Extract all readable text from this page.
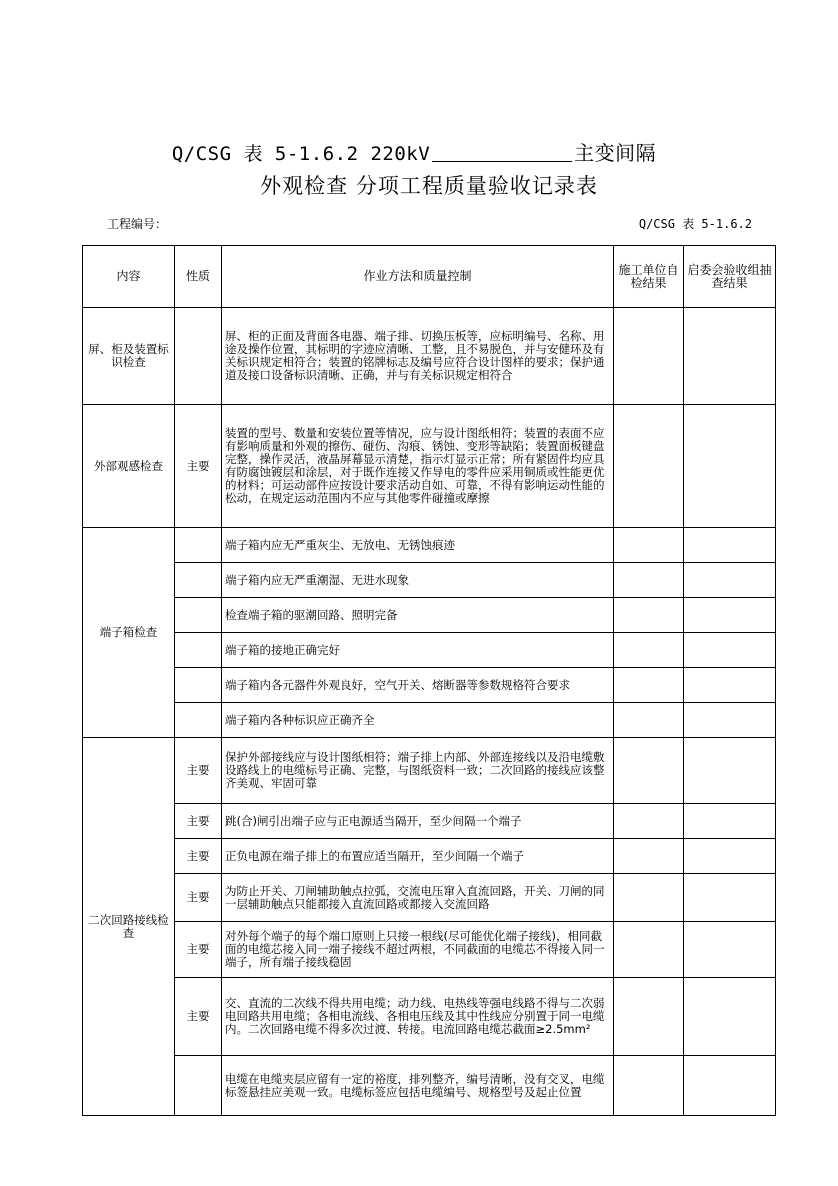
Q/CSG 表 5-1.6.2 220kV	主变间隔
外观检查 分项工程质量验收记录表
工程编号：	Q/CSG 表 5-1.6.2
内容	性质	作业方法和质量控制	施工单位自检结果	启委会验收组抽查结果
屏、柜及装置标识检查		屏、柜的正面及背面各电器、端子排、切换压板等，应标明编号、名称、用途及操作位置，其标明的字迹应清晰、工整，且不易脱色，并与安健环及有关标识规定相符合；装置的铭牌标志及编号应符合设计图样的要求；保护通道及接口设备标识清晰、正确，并与有关标识规定相符合		
外部观感检查	主要	装置的型号、数量和安装位置等情况，应与设计图纸相符；装置的表面不应有影响质量和外观的擦伤、碰伤、沟痕、锈蚀、变形等缺陷；装置面板键盘完整，操作灵活，液晶屏幕显示清楚，指示灯显示正常；所有紧固件均应具有防腐蚀镀层和涂层，对于既作连接又作导电的零件应采用铜质或性能更优的材料；可运动部件应按设计要求活动自如、可靠，不得有影响运动性能的松动，在规定运动范围内不应与其他零件碰撞或摩擦		
端子箱检查		端子箱内应无严重灰尘、无放电、无锈蚀痕迹		
		端子箱内应无严重潮湿、无进水现象		
		检查端子箱的驱潮回路、照明完备		
		端子箱的接地正确完好		
		端子箱内各元器件外观良好，空气开关、熔断器等参数规格符合要求		
		端子箱内各种标识应正确齐全		
二次回路接线检查	主要	保护外部接线应与设计图纸相符；端子排上内部、外部连接线以及沿电缆敷设路线上的电缆标号正确、完整，与图纸资料一致；二次回路的接线应该整齐美观、牢固可靠		
	主要	跳(合)闸引出端子应与正电源适当隔开，至少间隔一个端子		
	主要	正负电源在端子排上的布置应适当隔开，至少间隔一个端子		
	主要	为防止开关、刀闸辅助触点拉弧，交流电压窜入直流回路，开关、刀闸的同一层辅助触点只能都接入直流回路或都接入交流回路		
	主要	对外每个端子的每个端口原则上只接一根线(尽可能优化端子接线)，相同截面的电缆芯接入同一端子接线不超过两根，不同截面的电缆芯不得接入同一端子，所有端子接线稳固		
	主要	交、直流的二次线不得共用电缆；动力线、电热线等强电线路不得与二次弱电回路共用电缆；各相电流线、各相电压线及其中性线应分别置于同一电缆内。二次回路电缆不得多次过渡、转接。电流回路电缆芯截面≥2.5mm²		
		电缆在电缆夹层应留有一定的裕度，排列整齐，编号清晰，没有交叉，电缆标签悬挂应美观一致。电缆标签应包括电缆编号、规格型号及起止位置		
